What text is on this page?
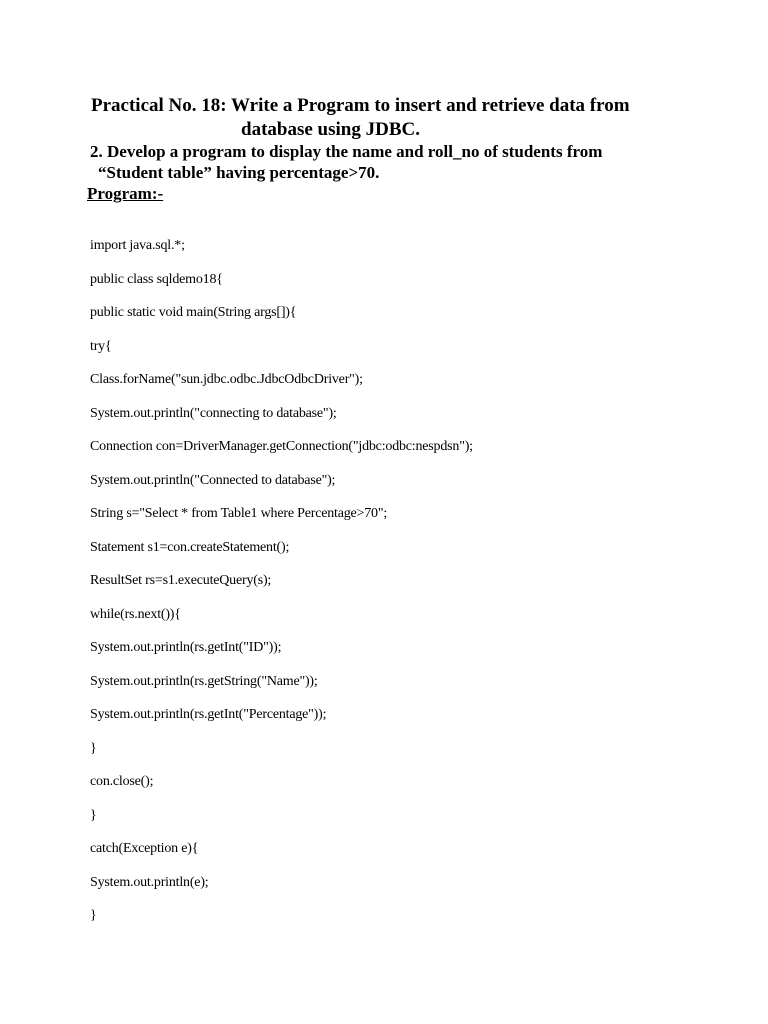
Practical No. 18: Write a Program to insert and retrieve data from
database using JDBC.
2. Develop a program to display the name and roll_no of students from
“Student table” having percentage>70.
Program:-
import java.sql.*;
public class sqldemo18{
public static void main(String args[]){
try{
Class.forName("sun.jdbc.odbc.JdbcOdbcDriver");
System.out.println("connecting to database");
Connection con=DriverManager.getConnection("jdbc:odbc:nespdsn");
System.out.println("Connected to database");
String s="Select * from Table1 where Percentage>70";
Statement s1=con.createStatement();
ResultSet rs=s1.executeQuery(s);
while(rs.next()){
System.out.println(rs.getInt("ID"));
System.out.println(rs.getString("Name"));
System.out.println(rs.getInt("Percentage"));
}
con.close();
}
catch(Exception e){
System.out.println(e);
}
